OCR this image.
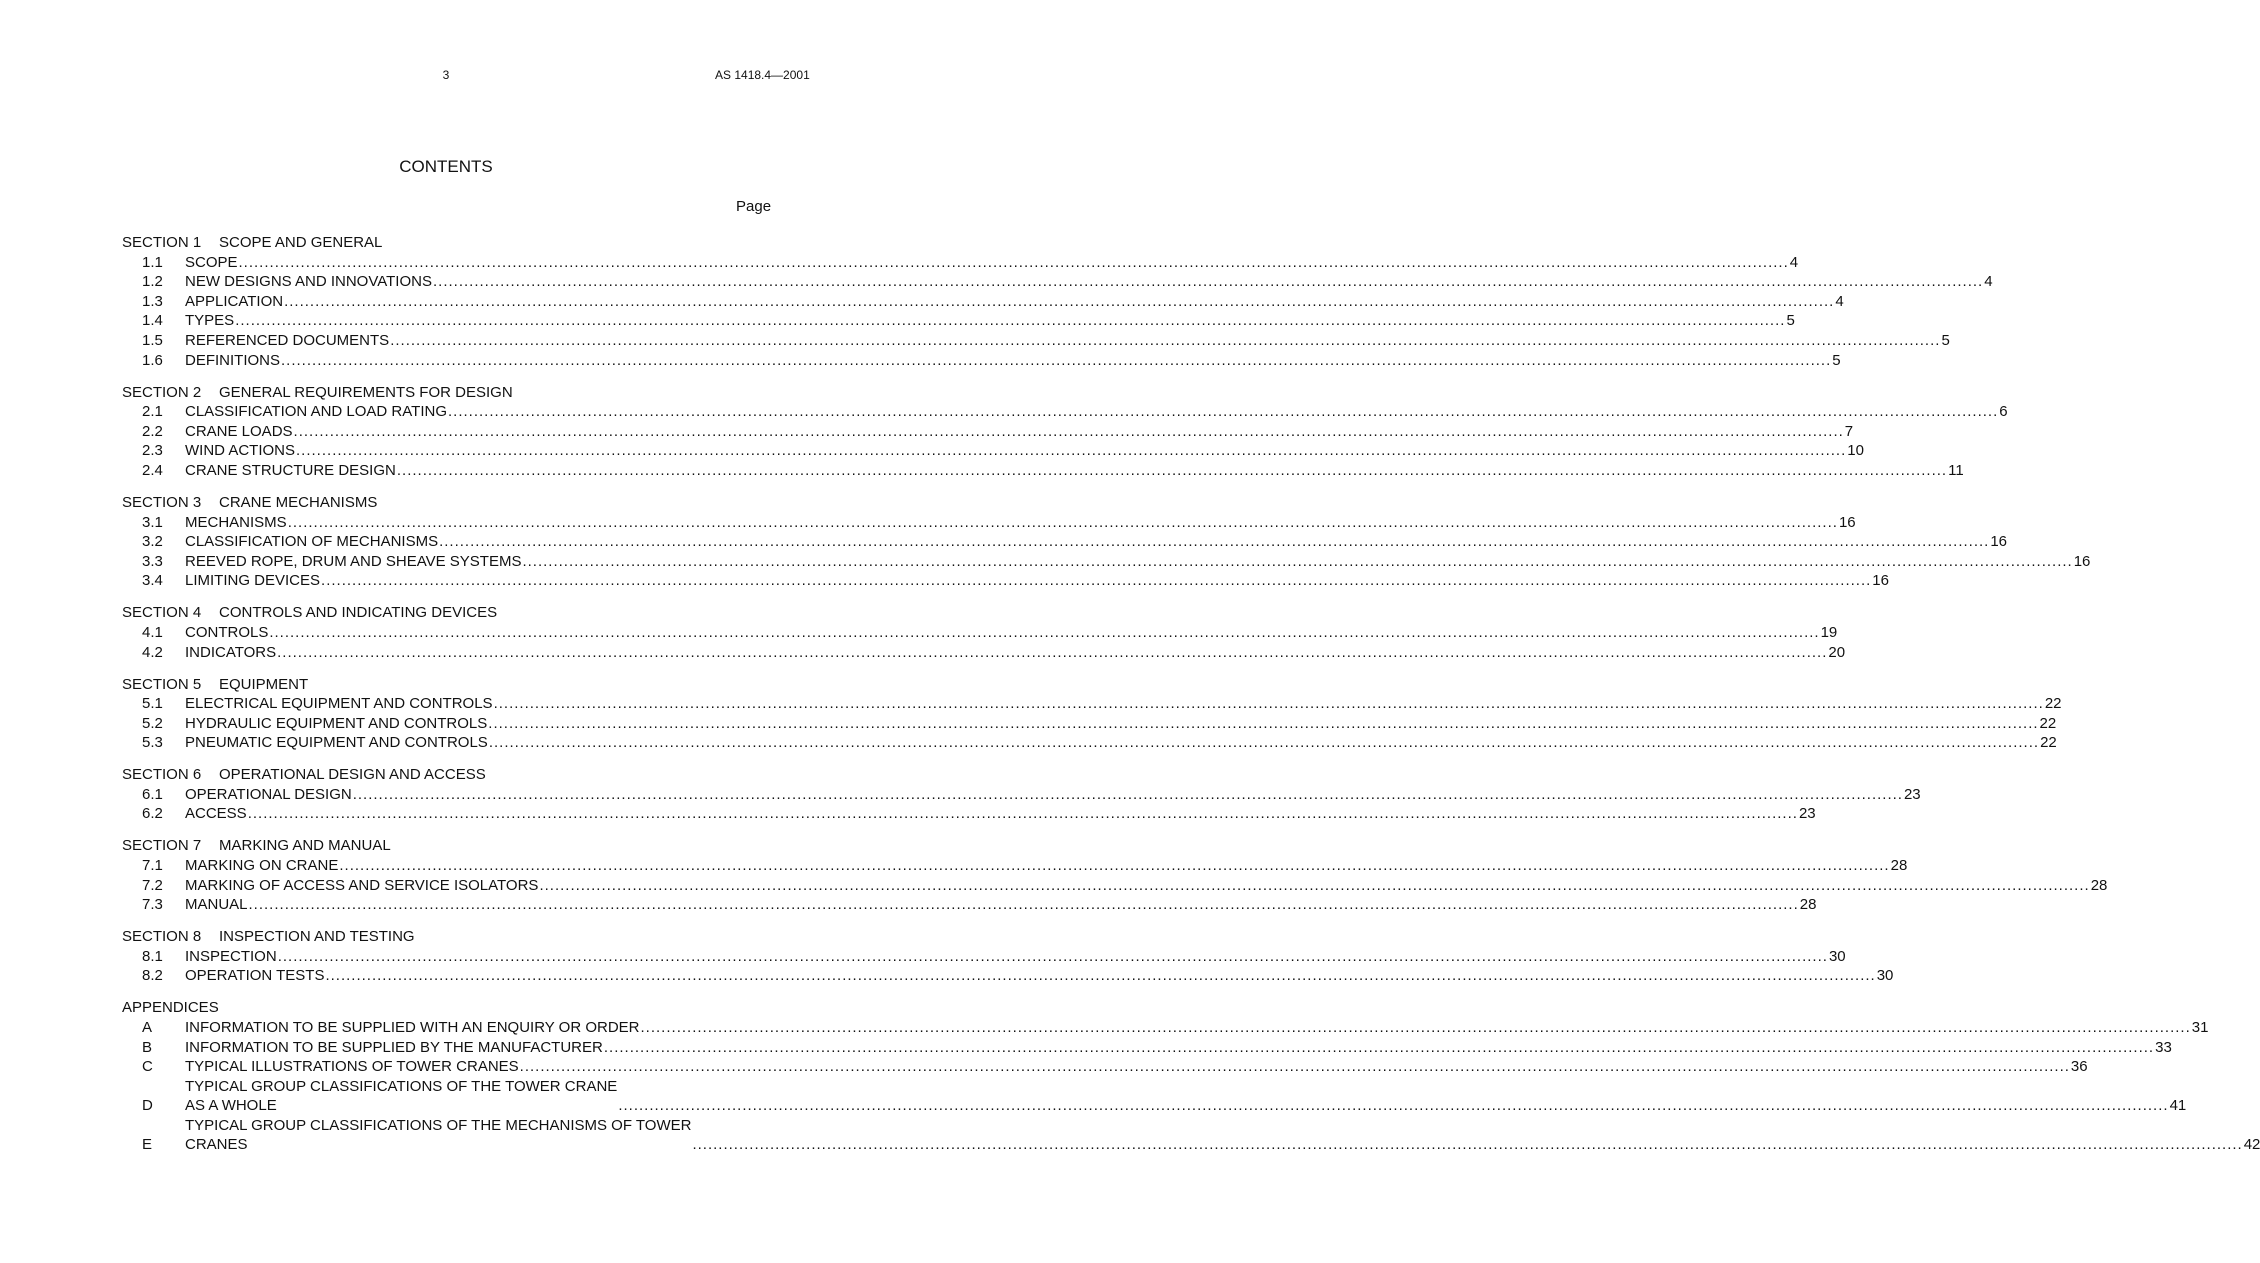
3	AS 1418.4—2001
CONTENTS
Page
SECTION 1 SCOPE AND GENERAL
1.1	SCOPE ............................................................................................................................................................................................................................................................................................................ 4
1.2	NEW DESIGNS AND INNOVATIONS ............................................................................................................................................................................................................................................................................................................ 4
1.3	APPLICATION ............................................................................................................................................................................................................................................................................................................ 4
1.4	TYPES ............................................................................................................................................................................................................................................................................................................ 5
1.5	REFERENCED DOCUMENTS ............................................................................................................................................................................................................................................................................................................ 5
1.6	DEFINITIONS ............................................................................................................................................................................................................................................................................................................ 5
SECTION 2 GENERAL REQUIREMENTS FOR DESIGN
2.1	CLASSIFICATION AND LOAD RATING ............................................................................................................................................................................................................................................................................................................ 6
2.2	CRANE LOADS ............................................................................................................................................................................................................................................................................................................ 7
2.3	WIND ACTIONS ............................................................................................................................................................................................................................................................................................................ 10
2.4	CRANE STRUCTURE DESIGN ............................................................................................................................................................................................................................................................................................................ 11
SECTION 3 CRANE MECHANISMS
3.1	MECHANISMS ............................................................................................................................................................................................................................................................................................................ 16
3.2	CLASSIFICATION OF MECHANISMS ............................................................................................................................................................................................................................................................................................................ 16
3.3	REEVED ROPE, DRUM AND SHEAVE SYSTEMS ............................................................................................................................................................................................................................................................................................................ 16
3.4	LIMITING DEVICES ............................................................................................................................................................................................................................................................................................................ 16
SECTION 4 CONTROLS AND INDICATING DEVICES
4.1	CONTROLS ............................................................................................................................................................................................................................................................................................................ 19
4.2	INDICATORS ............................................................................................................................................................................................................................................................................................................ 20
SECTION 5 EQUIPMENT
5.1	ELECTRICAL EQUIPMENT AND CONTROLS ............................................................................................................................................................................................................................................................................................................ 22
5.2	HYDRAULIC EQUIPMENT AND CONTROLS ............................................................................................................................................................................................................................................................................................................ 22
5.3	PNEUMATIC EQUIPMENT AND CONTROLS ............................................................................................................................................................................................................................................................................................................ 22
SECTION 6 OPERATIONAL DESIGN AND ACCESS
6.1	OPERATIONAL DESIGN ............................................................................................................................................................................................................................................................................................................ 23
6.2	ACCESS ............................................................................................................................................................................................................................................................................................................ 23
SECTION 7 MARKING AND MANUAL
7.1	MARKING ON CRANE ............................................................................................................................................................................................................................................................................................................ 28
7.2	MARKING OF ACCESS AND SERVICE ISOLATORS ............................................................................................................................................................................................................................................................................................................ 28
7.3	MANUAL ............................................................................................................................................................................................................................................................................................................ 28
SECTION 8 INSPECTION AND TESTING
8.1	INSPECTION ............................................................................................................................................................................................................................................................................................................ 30
8.2	OPERATION TESTS ............................................................................................................................................................................................................................................................................................................ 30
APPENDICES
A	INFORMATION TO BE SUPPLIED WITH AN ENQUIRY OR ORDER ............................................................................................................................................................................................................................................................................................................ 31
B	INFORMATION TO BE SUPPLIED BY THE MANUFACTURER ............................................................................................................................................................................................................................................................................................................ 33
C	TYPICAL ILLUSTRATIONS OF TOWER CRANES ............................................................................................................................................................................................................................................................................................................ 36
D
TYPICAL GROUP CLASSIFICATIONS OF THE TOWER CRANE
AS A WHOLE	............................................................................................................................................................................................................................................................................................................ 41
E
TYPICAL GROUP CLASSIFICATIONS OF THE MECHANISMS OF TOWER
CRANES	............................................................................................................................................................................................................................................................................................................ 42
